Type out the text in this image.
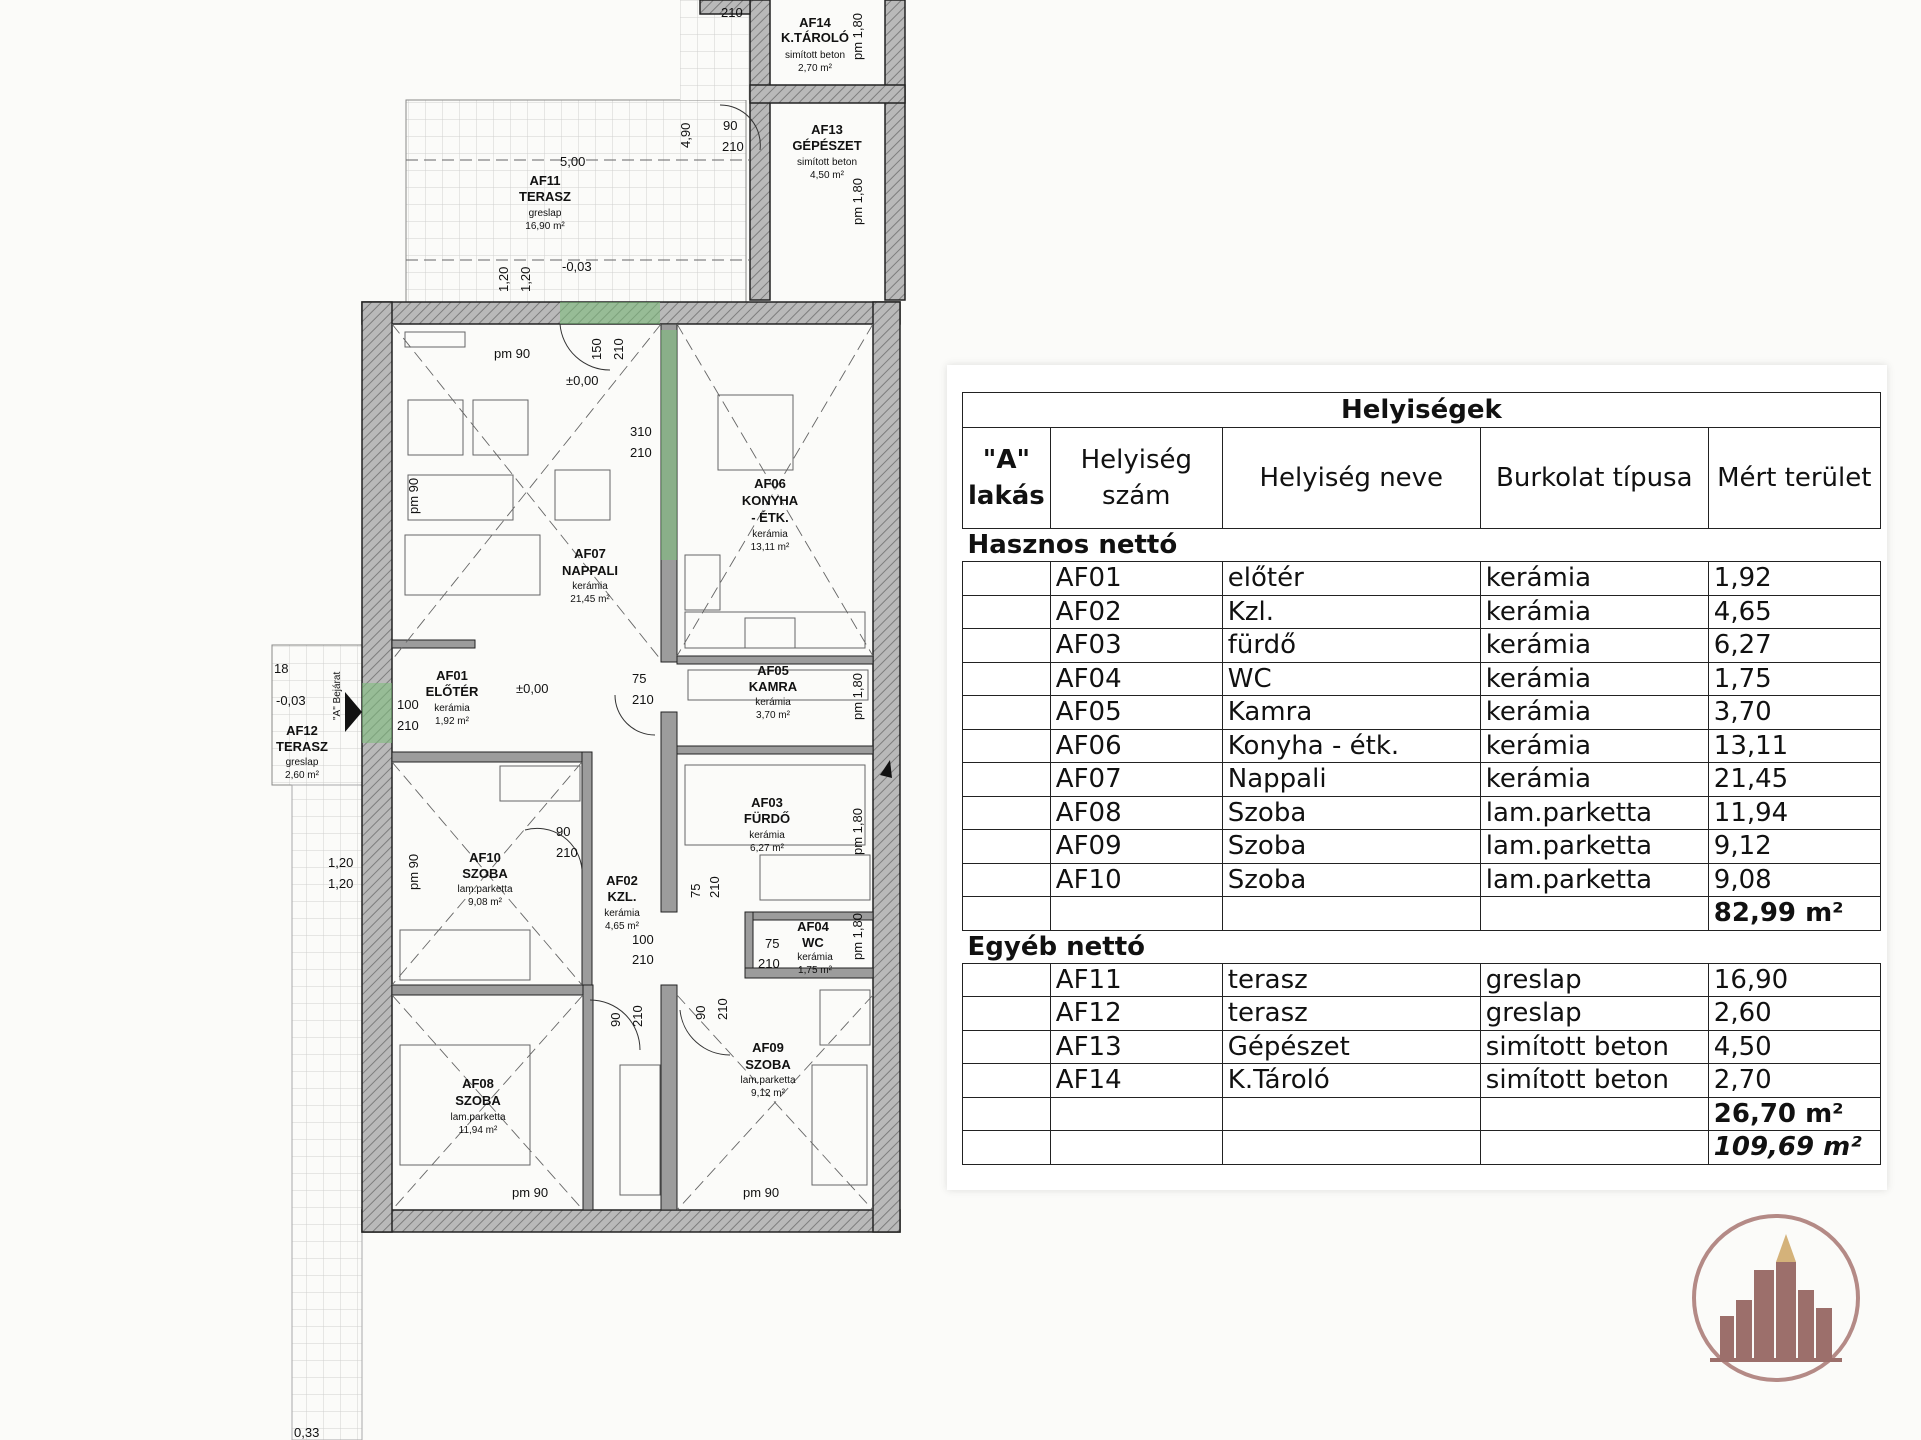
AF14
K.TÁROLÓ
simított beton
2,70 m²
AF13
GÉPÉSZET
simított beton
4,50 m²
AF11
TERASZ
greslap
16,90 m²
AF06
KONYHA
- ÉTK.
kerámia
13,11 m²
AF07
NAPPALI
kerámia
21,45 m²
AF05
KAMRA
kerámia
3,70 m²
AF01
ELŐTÉR
kerámia
1,92 m²
AF12
TERASZ
greslap
2,60 m²
AF03
FÜRDŐ
kerámia
6,27 m²
AF10
SZOBA
lam.parketta
9,08 m²
AF02
KZL.
kerámia
4,65 m²	AF04
WC
kerámia
1,75 m²
AF08
SZOBA
lam.parketta
11,94 m²
AF09
SZOBA
lam.parketta
9,12 m²
5,00
4,90
-0,03
1,20 1,20
pm 90
±0,00
150 210
310
210
pm 90
±0,00
75
210
100
210
90
210
pm 90
75 210
100
210
75
210
90 210	90 210
pm 90	pm 90
90
210
210
pm 1,80
pm 1,80
pm 1,80
pm 1,80
pm 1,80
18
-0,03	"A" Bejárat
1,20
1,20
0,33
Helyiségek				
"A"
lakás	Helyiség szám	Helyiség neve	Burkolat típusa	Mért terület
Hasznos nettó				
	AF01	előtér	kerámia	1,92
	AF02	Kzl.	kerámia	4,65
	AF03	fürdő	kerámia	6,27
	AF04	WC	kerámia	1,75
	AF05	Kamra	kerámia	3,70
	AF06	Konyha - étk.	kerámia	13,11
	AF07	Nappali	kerámia	21,45
	AF08	Szoba	lam.parketta	11,94
	AF09	Szoba	lam.parketta	9,12
	AF10	Szoba	lam.parketta	9,08
				82,99 m²
Egyéb nettó				
	AF11	terasz	greslap	16,90
	AF12	terasz	greslap	2,60
	AF13	Gépészet	simított beton	4,50
	AF14	K.Tároló	simított beton	2,70
				26,70 m²
				109,69 m²
